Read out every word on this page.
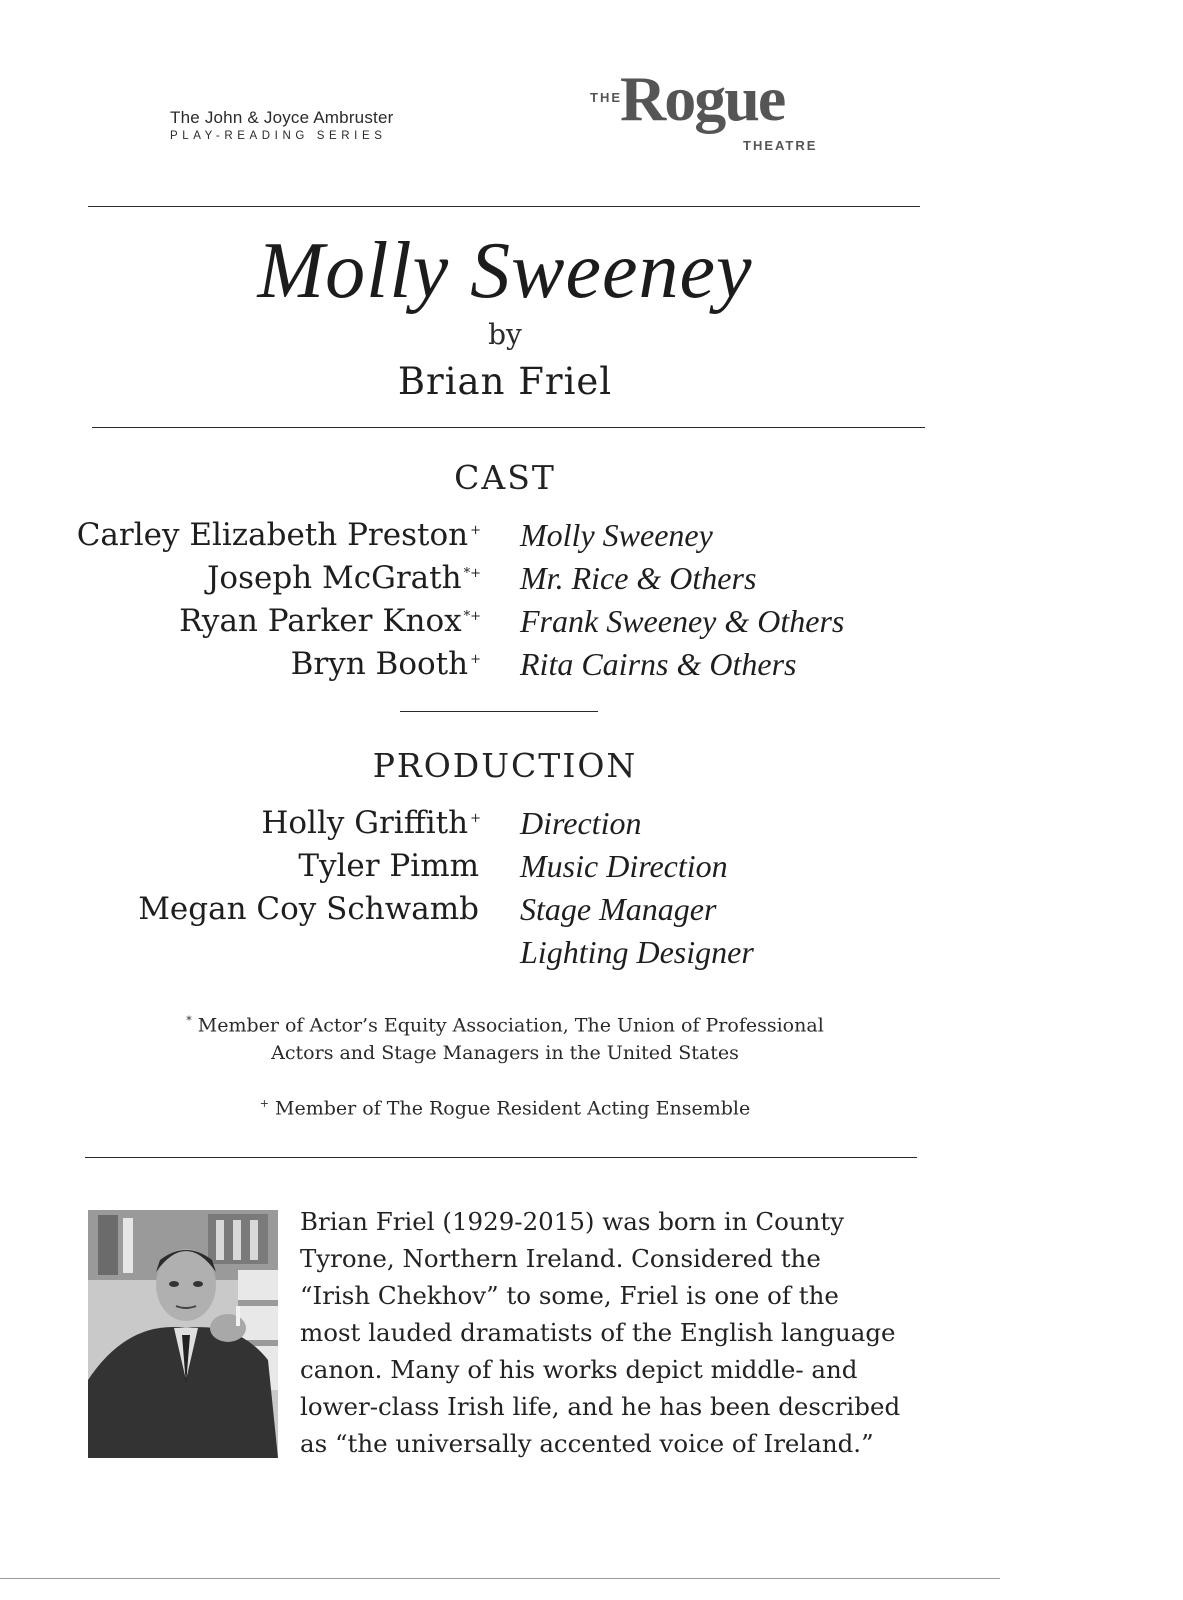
The John & Joyce Ambruster
PLAY-READING SERIES
THE
Rogue
THEATRE
Molly Sweeney
by
Brian Friel
CAST
Carley Elizabeth Preston + Molly Sweeney
Joseph McGrath *+ Mr. Rice & Others
Ryan Parker Knox *+ Frank Sweeney & Others
Bryn Booth + Rita Cairns & Others
PRODUCTION
Holly Griffith + Direction
Tyler Pimm Music Direction
Megan Coy Schwamb Stage Manager
Lighting Designer
* Member of Actor’s Equity Association, The Union of Professional
Actors and Stage Managers in the United States
+ Member of The Rogue Resident Acting Ensemble
Brian Friel (1929-2015) was born in County
Tyrone, Northern Ireland. Considered the
“Irish Chekhov” to some, Friel is one of the
most lauded dramatists of the English language
canon. Many of his works depict middle- and
lower-class Irish life, and he has been described
as “the universally accented voice of Ireland.”
